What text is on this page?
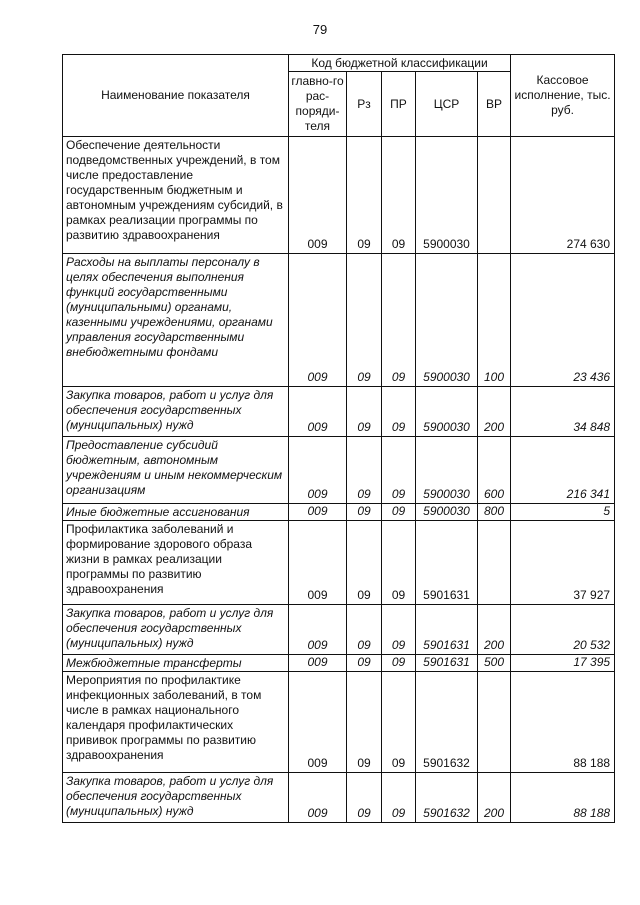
79
Наименование показателя	Код бюджетной классификации					Кассовое исполнение, тыс. руб.
	главно-го рас-поряди-теля	Рз	ПР	ЦСР	ВР	
Обеспечение деятельности подведомственных учреждений, в том числе предоставление государственным бюджетным и автономным учреждениям субсидий, в рамках реализации программы по развитию здравоохранения	009	09	09	5900030		274 630
Расходы на выплаты персоналу в целях обеспечения выполнения функций государственными (муниципальными) органами, казенными учреждениями, органами управления государственными внебюджетными фондами	009	09	09	5900030	100	23 436
Закупка товаров, работ и услуг для обеспечения государственных (муниципальных) нужд	009	09	09	5900030	200	34 848
Предоставление субсидий бюджетным, автономным учреждениям и иным некоммерческим организациям	009	09	09	5900030	600	216 341
Иные бюджетные ассигнования	009	09	09	5900030	800	5
Профилактика заболеваний и формирование здорового образа жизни в рамках реализации программы по развитию здравоохранения	009	09	09	5901631		37 927
Закупка товаров, работ и услуг для обеспечения государственных (муниципальных) нужд	009	09	09	5901631	200	20 532
Межбюджетные трансферты	009	09	09	5901631	500	17 395
Мероприятия по профилактике инфекционных заболеваний, в том числе в рамках национального календаря профилактических прививок программы по развитию здравоохранения	009	09	09	5901632		88 188
Закупка товаров, работ и услуг для обеспечения государственных (муниципальных) нужд	009	09	09	5901632	200	88 188
